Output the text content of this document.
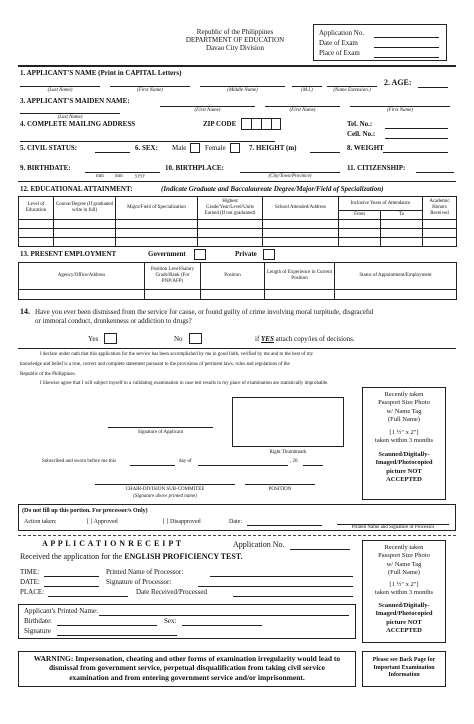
Republic of the Philippines
DEPARTMENT OF EDUCATION
Davao City Division
Application No.
Date of Exam
Place of Exam
1. APPLICANT'S NAME (Print in CAPITAL Letters)
(Last Name)	(First Name)	(Middle Name)	(M.I.)	(Name Extension.)
2. AGE:
3. APPLICANT'S MAIDEN NAME:
(Last Name)
(First Name)	(First Name)	(First Name)
4. COMPLETE MAILING ADDRESS	ZIP CODE	Tel. No.:
Cell. No.:
5. CIVIL STATUS:	6. SEX: Male	Female	7. HEIGHT (m)	8. WEIGHT
9. BIRTHDATE:
mm mm yyyy
10. BIRTHPLACE:
(City/Town/Province)
11. CITIZENSHIP:
12. EDUCATIONAL ATTAINMENT:	(Indicate Graduate and Baccalaureate Degree/Major/Field of Specialization)
Level of Education	Course/Degree (If graduated write in full)	Major/Field of Specialization	Highest Grade/Year/Level/Units Earned (If not graduated)	School Attended/Address	Inclusive Years of Attendance		Academic Honors Received
					From	To	

13. PRESENT EMPLOYMENT	Government	Private
Agency/Office/Address	Position Level/Salary Grade/Rank (For PNP/AFP)	Position	Length of Experience in Current Position	Status of Appointment/Employment

14. Have you ever been dismissed from the service for cause, or found guilty of crime involving moral turpitude, disgraceful
or immoral conduct, drunkenness or addiction to drugs?
Yes	No	if YES attach copy/ies of decisions.
I declare under oath that this application for the service has been accomplished by me in good faith, verified by me and to the best of my
knowledge and belief is a true, correct and complete statement pursuant to the provisions of pertinent laws, rules and regulations of the
Republic of the Philippines.
I likewise agree that I will subject myself to a validating examination in case test results in my place of examination are statistically improbable.
Signature of Applicant
Right Thumbmark
Subscribed and sworn before me this	day of	, 20
CHAIR-DIVISION SUB-COMMITEE
(Signature above printed name)
POSITION
Recently taken
Passport Size Photo
w/ Name Tag
(Full Name)
[1 ½" x 2"]
taken within 3 months
Scanned/Digitally-
Imaged/Photocopied
picture NOT
ACCEPTED
(Do not fill up this portion. For processor/s Only)
Action taken:	[ ] Approved	[ ] Disapproved	Date:
Printed Name and Signature of Processor
A P P L I C A T I O N R E C E I P T	Application No.
Received the application for the ENGLISH PROFICIENCY TEST.
TIME:	Printed Name of Processor:
DATE:	Signature of Processor:
PLACE:	Date Received/Processed
Applicant's Printed Name:
Birthdate:	Sex:
Signature
Recently taken
Passport Size Photo
w/ Name Tag
(Full Name)
[1 ½" x 2"]
taken within 3 months
Scanned/Digitally-
Imaged/Photocopied
picture NOT
ACCEPTED
WARNING: Impersonation, cheating and other forms of examination irregularity would lead to
dismissal from government service, perpetual disqualification from taking civil service
examination and from entering government service and/or imprisonment.
Please see Back Page for
Important Examination
Information
